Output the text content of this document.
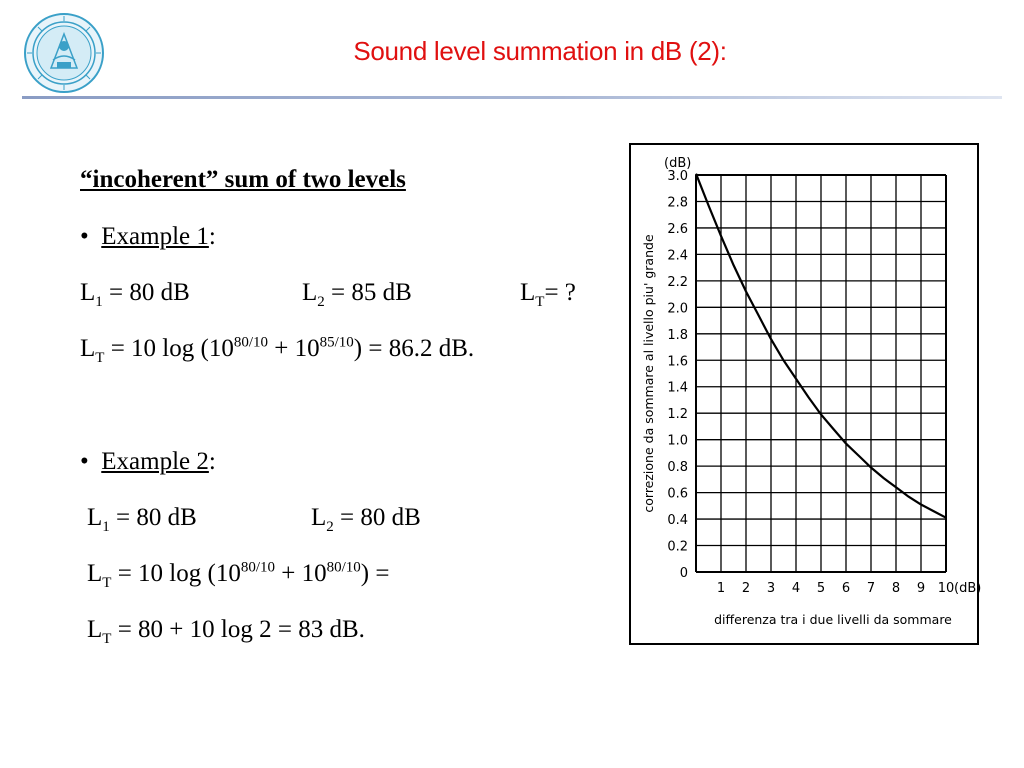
Sound level summation in dB (2):
“incoherent” sum of two levels
• Example 1:
$L_1 = 80$ dB	$L_2 = 85$ dB	$L_T=$ ?
$L_T = 10$ $\log (10^{80/10} + 10^{85/10}) = 86.2$ dB.
• Example 2:
$L_1 = 80$ dB	$L_2 = 80$ dB
$L_T = 10$ $\log (10^{80/10} + 10^{80/10})$ =
$L_T = 80 + 10$ log 2 = 83 dB.
0
0.2
0.4
0.6
0.8
1.0
1.2
1.4
1.6
1.8
2.0
2.2
2.4
2.6
2.8
3.0
(dB)
1 2 3 4 5 6 7 8 9 10 (dB)
differenza tra i due livelli da sommare
correzione da sommare al livello piu' grande
